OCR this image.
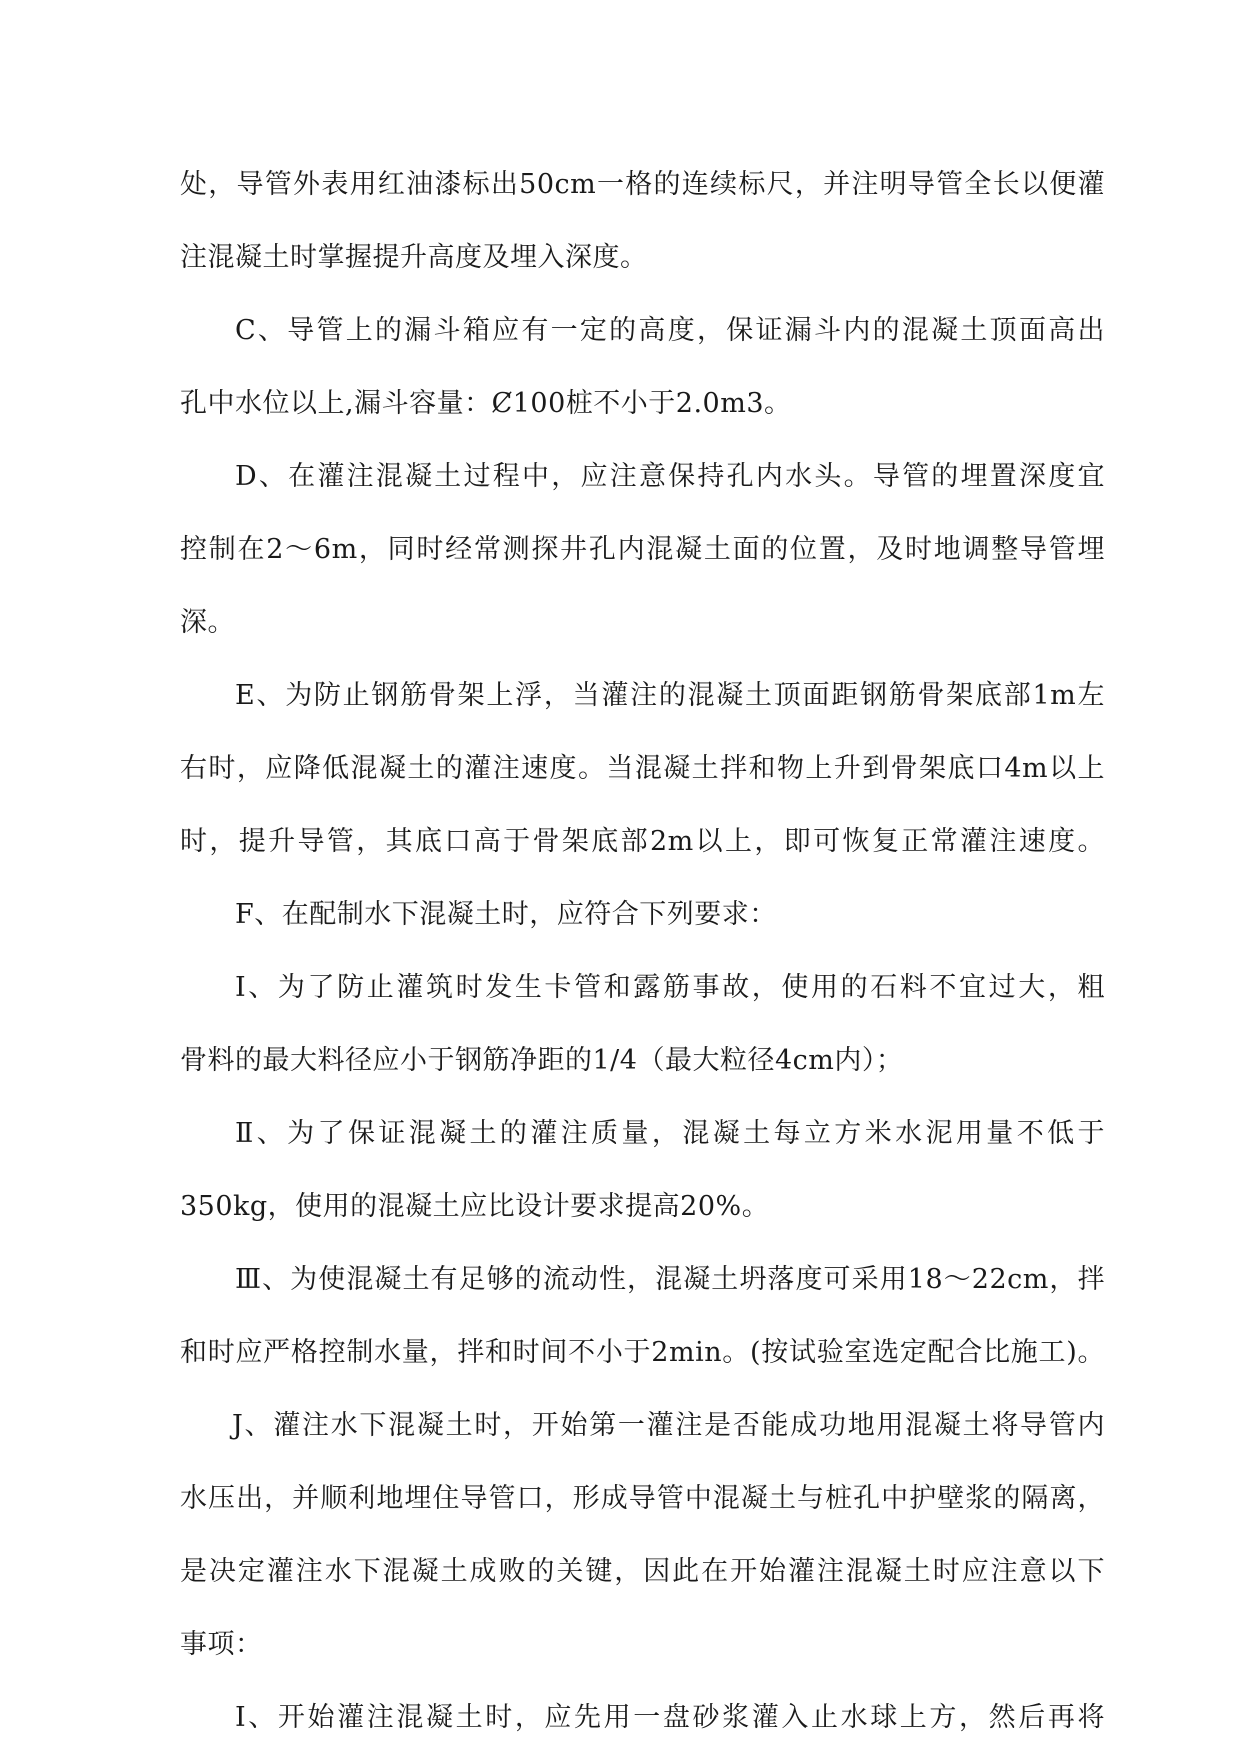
处，导管外表用红油漆标出50cm一格的连续标尺，并注明导管全长以便灌
注混凝土时掌握提升高度及埋入深度。
C、导管上的漏斗箱应有一定的高度，保证漏斗内的混凝土顶面高出
孔中水位以上,漏斗容量：Ȼ100桩不小于2.0m3。
D、在灌注混凝土过程中，应注意保持孔内水头。导管的埋置深度宜
控制在2～6m，同时经常测探井孔内混凝土面的位置，及时地调整导管埋
深。
E、为防止钢筋骨架上浮，当灌注的混凝土顶面距钢筋骨架底部1m左
右时，应降低混凝土的灌注速度。当混凝土拌和物上升到骨架底口4m以上
时，提升导管，其底口高于骨架底部2m以上，即可恢复正常灌注速度。
F、在配制水下混凝土时，应符合下列要求：
Ⅰ、为了防止灌筑时发生卡管和露筋事故，使用的石料不宜过大，粗
骨料的最大料径应小于钢筋净距的1/4（最大粒径4cm内）；
Ⅱ、为了保证混凝土的灌注质量，混凝土每立方米水泥用量不低于
350kg，使用的混凝土应比设计要求提高20%。
Ⅲ、为使混凝土有足够的流动性，混凝土坍落度可采用18～22cm，拌
和时应严格控制水量，拌和时间不小于2min。(按试验室选定配合比施工)。
J、灌注水下混凝土时，开始第一灌注是否能成功地用混凝土将导管内
水压出，并顺利地埋住导管口，形成导管中混凝土与桩孔中护壁浆的隔离，
是决定灌注水下混凝土成败的关键，因此在开始灌注混凝土时应注意以下
事项：
Ⅰ、开始灌注混凝土时，应先用一盘砂浆灌入止水球上方，然后再将
